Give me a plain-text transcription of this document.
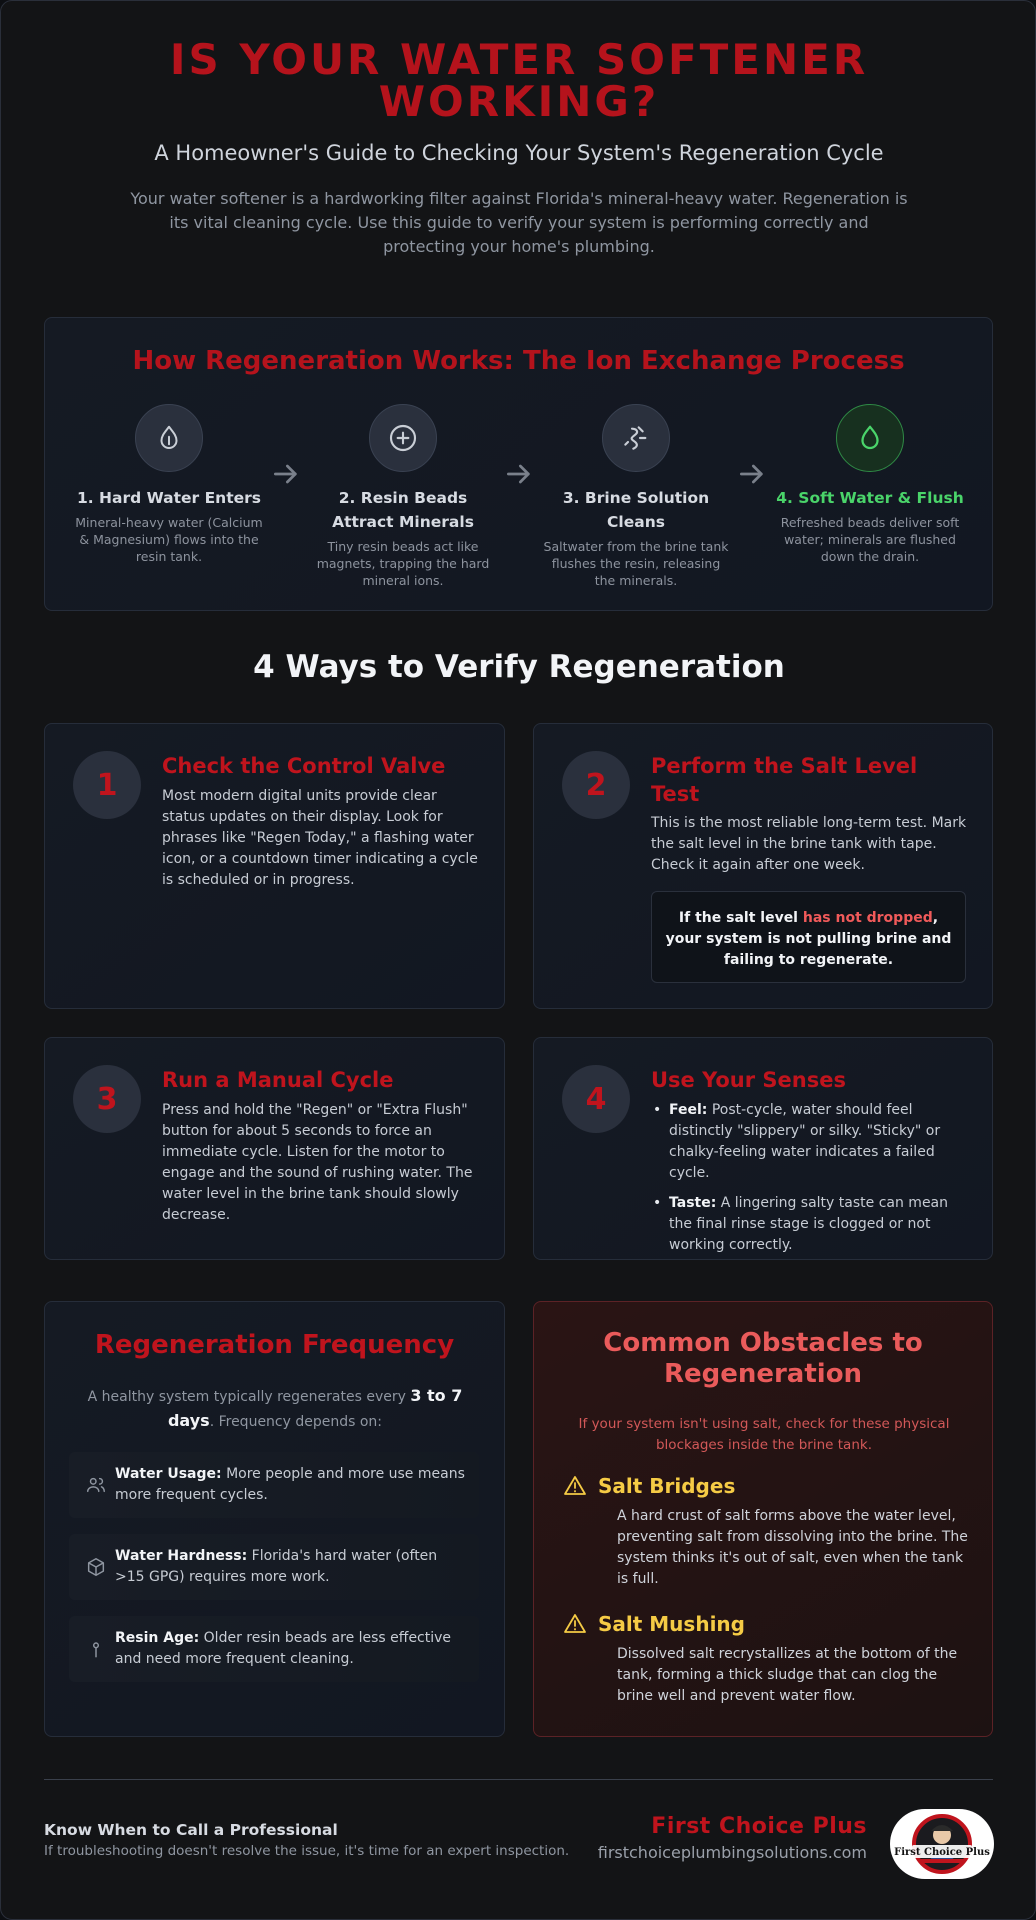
IS YOUR WATER SOFTENER WORKING?
A Homeowner's Guide to Checking Your System's Regeneration Cycle
Your water softener is a hardworking filter against Florida's mineral-heavy water. Regeneration is its vital cleaning cycle. Use this guide to verify your system is performing correctly and protecting your home's plumbing.
How Regeneration Works: The Ion Exchange Process
1. Hard Water Enters
Mineral-heavy water (Calcium & Magnesium) flows into the resin tank.
2. Resin Beads Attract Minerals
Tiny resin beads act like magnets, trapping the hard mineral ions.
3. Brine Solution Cleans
Saltwater from the brine tank flushes the resin, releasing the minerals.
4. Soft Water & Flush
Refreshed beads deliver soft water; minerals are flushed down the drain.
4 Ways to Verify Regeneration
1
Check the Control Valve
Most modern digital units provide clear status updates on their display. Look for phrases like "Regen Today," a flashing water icon, or a countdown timer indicating a cycle is scheduled or in progress.
2
Perform the Salt Level Test
This is the most reliable long-term test. Mark the salt level in the brine tank with tape. Check it again after one week.
If the salt level has not dropped, your system is not pulling brine and failing to regenerate.
3
Run a Manual Cycle
Press and hold the "Regen" or "Extra Flush" button for about 5 seconds to force an immediate cycle. Listen for the motor to engage and the sound of rushing water. The water level in the brine tank should slowly decrease.
4
Use Your Senses
• Feel: Post-cycle, water should feel distinctly "slippery" or silky. "Sticky" or chalky-feeling water indicates a failed cycle.
• Taste: A lingering salty taste can mean the final rinse stage is clogged or not working correctly.
Regeneration Frequency
A healthy system typically regenerates every 3 to 7 days. Frequency depends on:
Water Usage: More people and more use means more frequent cycles.
Water Hardness: Florida's hard water (often >15 GPG) requires more work.
Resin Age: Older resin beads are less effective and need more frequent cleaning.
Common Obstacles to Regeneration
If your system isn't using salt, check for these physical blockages inside the brine tank.
Salt Bridges
A hard crust of salt forms above the water level, preventing salt from dissolving into the brine. The system thinks it's out of salt, even when the tank is full.
Salt Mushing
Dissolved salt recrystallizes at the bottom of the tank, forming a thick sludge that can clog the brine well and prevent water flow.
Know When to Call a Professional
If troubleshooting doesn't resolve the issue, it's time for an expert inspection.
First Choice Plus
firstchoiceplumbingsolutions.com	First Choice Plus
